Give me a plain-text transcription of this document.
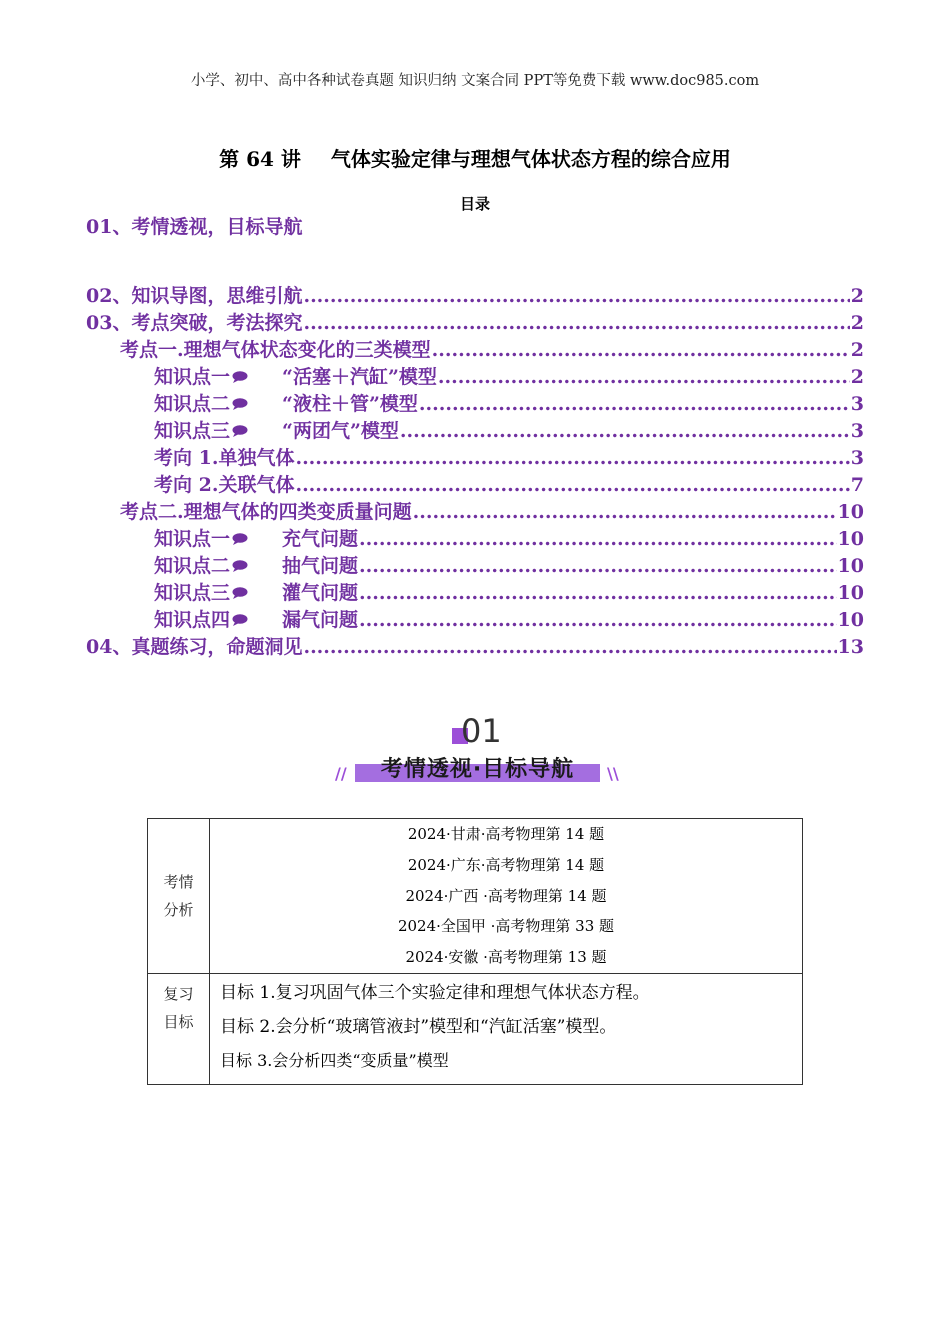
小学、初中、高中各种试卷真题 知识归纳 文案合同 PPT等免费下载 www.doc985.com
第 64 讲 气体实验定律与理想气体状态方程的综合应用
目录
01、考情透视，目标导航
02、知识导图，思维引航 .....	2
03、考点突破，考法探究 .....	2
考点一.理想气体状态变化的三类模型 .....	2
知识点一	“活塞＋汽缸”模型 .....	2
知识点二	“液柱＋管”模型 .....	3
知识点三	“两团气”模型 .....	3
考向 1.单独气体 .....	3
考向 2.关联气体 .....	7
考点二.理想气体的四类变质量问题 .....	10
知识点一	充气问题 .....	10
知识点二	抽气问题 .....	10
知识点三	灌气问题 .....	10
知识点四	漏气问题 .....	10
04、真题练习，命题洞见 .....	13
01
//	\\
考情透视·目标导航
考情分析	2024·甘肃·高考物理第 14 题
2024·广东·高考物理第 14 题
2024·广西 ·高考物理第 14 题
2024·全国甲 ·高考物理第 33 题
2024·安徽 ·高考物理第 13 题

复习目标	目标 1.复习巩固气体三个实验定律和理想气体状态方程。
目标 2.会分析“玻璃管液封”模型和“汽缸活塞”模型。
目标 3.会分析四类“变质量”模型
